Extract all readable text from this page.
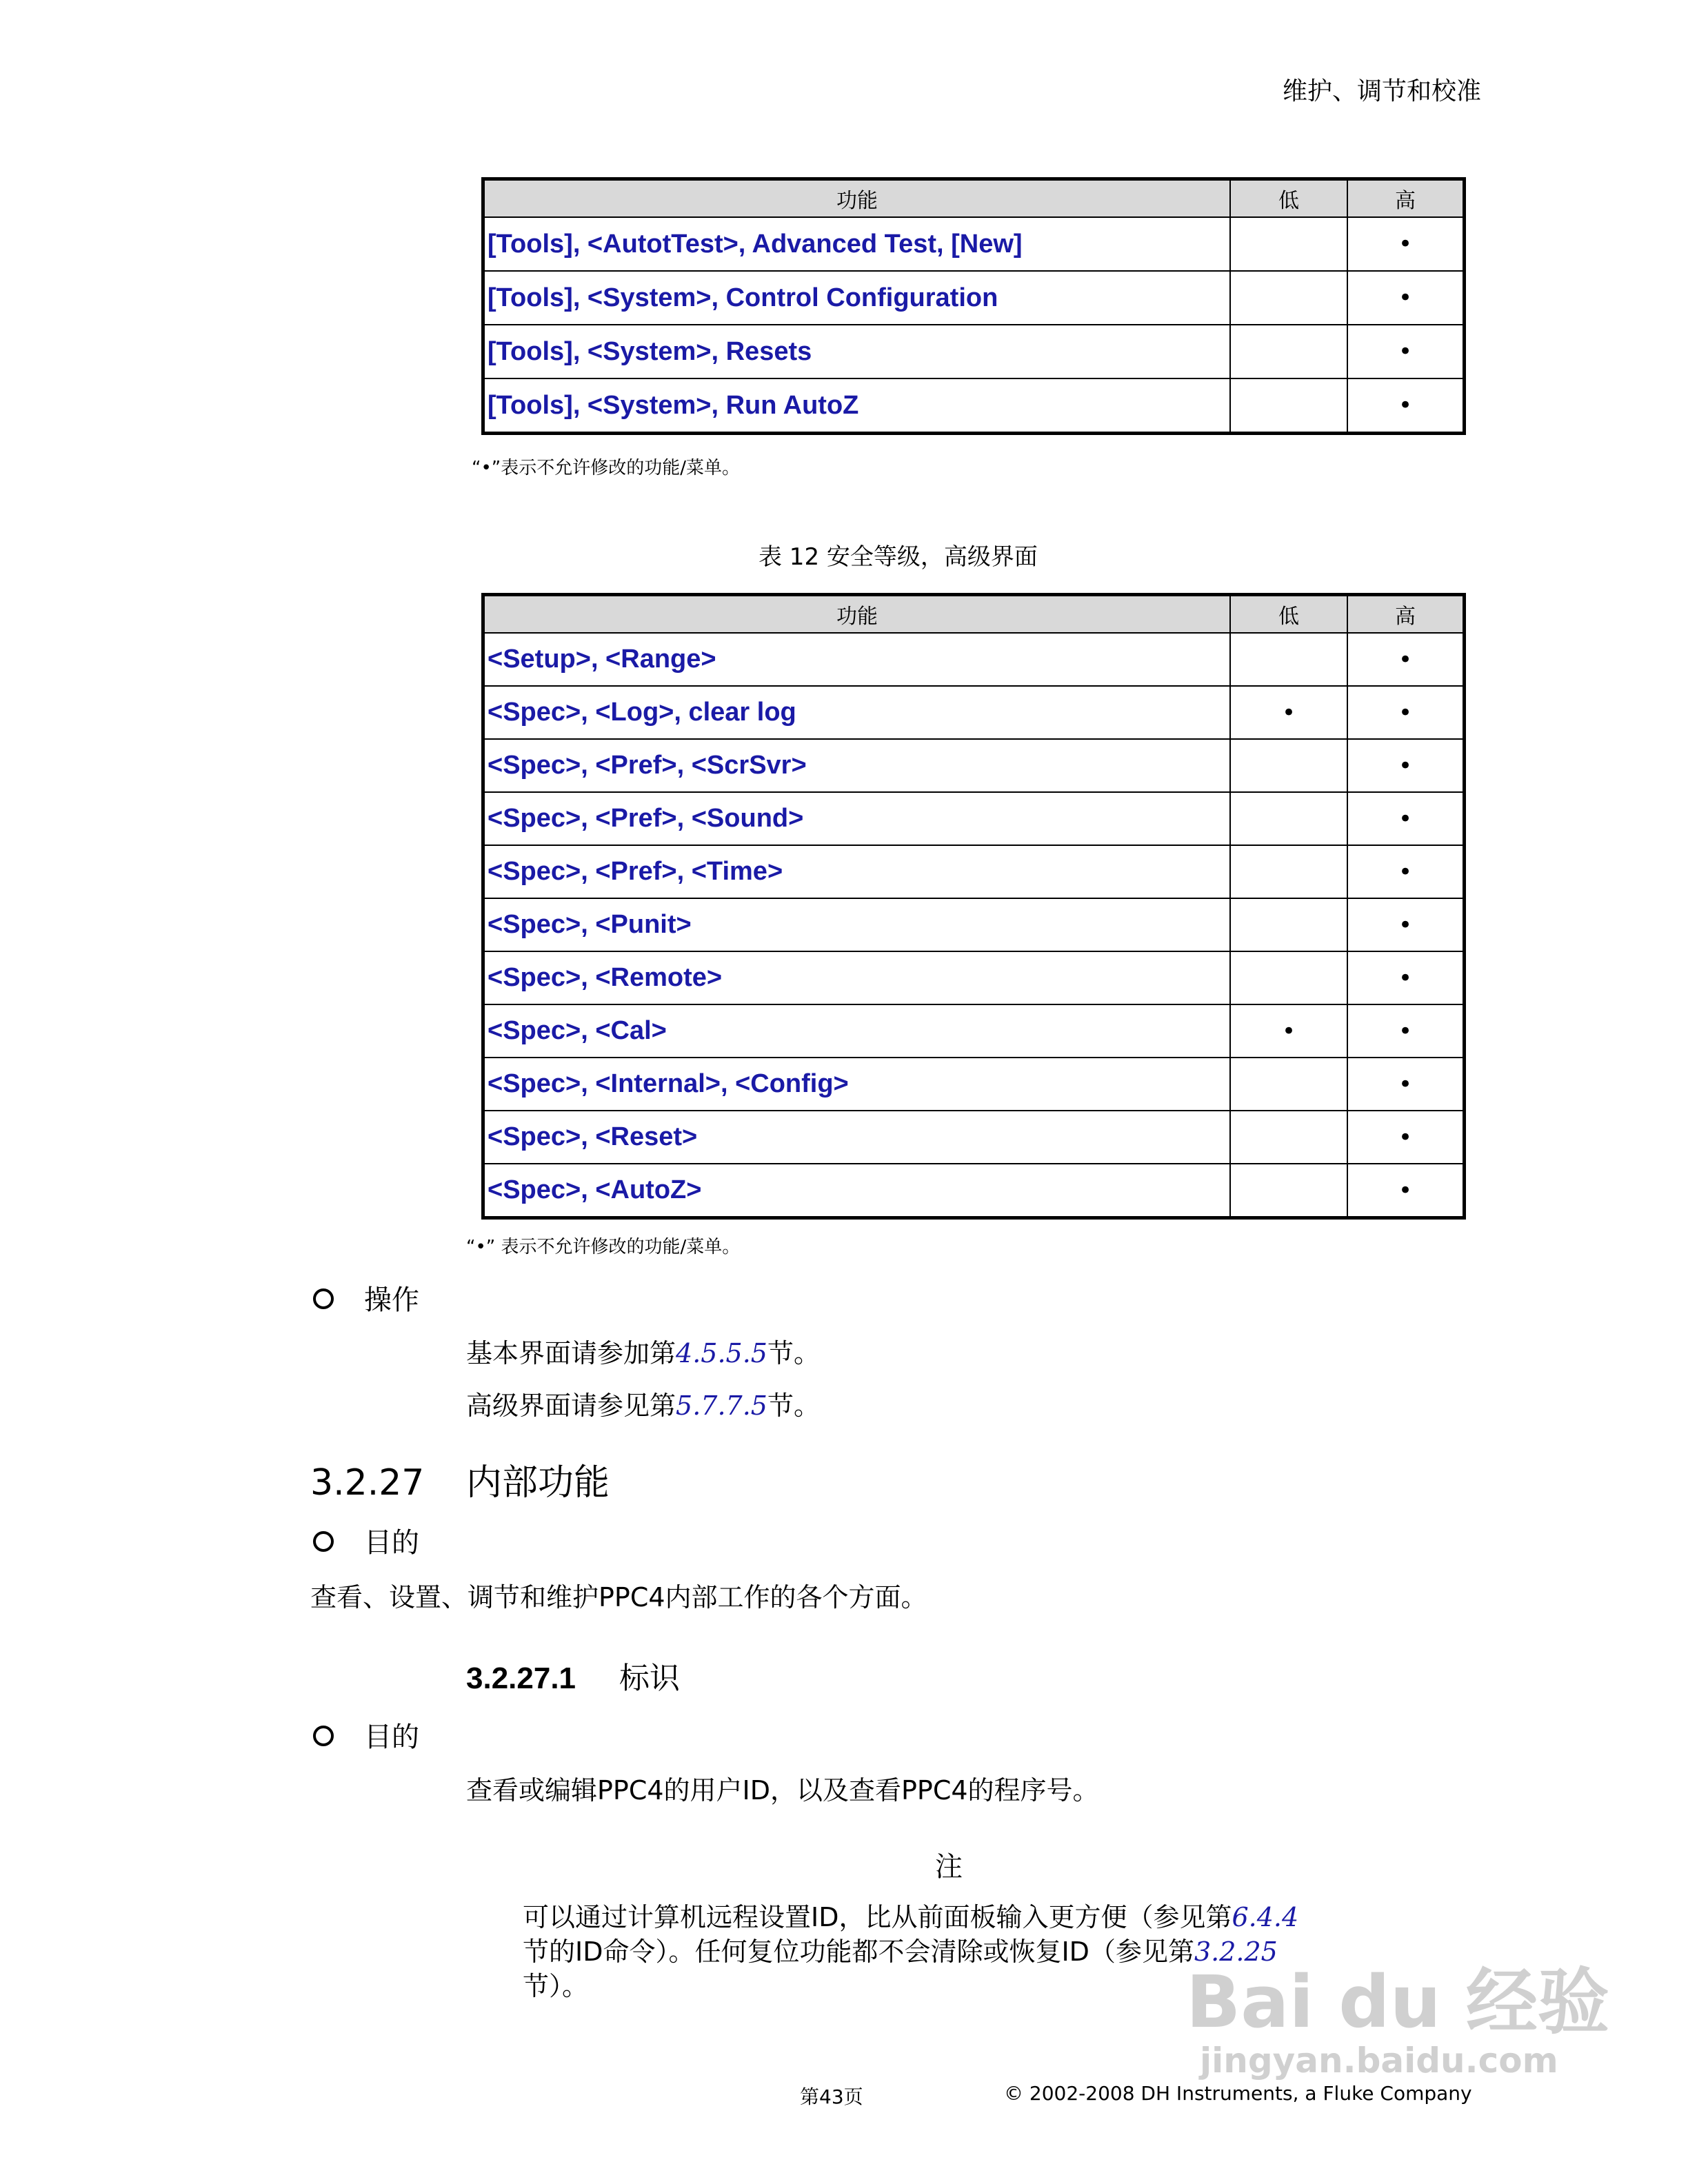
维护、调节和校准
功能	低	高
[Tools], <AutotTest>, Advanced Test, [New]		•
[Tools], <System>, Control Configuration		•
[Tools], <System>, Resets		•
[Tools], <System>, Run AutoZ		•
“•”表示不允许修改的功能/菜单。
表 12 安全等级，高级界面
功能	低	高
<Setup>, <Range>		•
<Spec>, <Log>, clear log	•	•
<Spec>, <Pref>, <ScrSvr>		•
<Spec>, <Pref>, <Sound>		•
<Spec>, <Pref>, <Time>		•
<Spec>, <Punit>		•
<Spec>, <Remote>		•
<Spec>, <Cal>	•	•
<Spec>, <Internal>, <Config>		•
<Spec>, <Reset>		•
<Spec>, <AutoZ>		•
“•” 表示不允许修改的功能/菜单。
操作
基本界面请参加第4.5.5.5节。
高级界面请参见第5.7.7.5节。
3.2.27 内部功能
目的
查看、设置、调节和维护PPC4内部工作的各个方面。
3.2.27.1 标识
目的
查看或编辑PPC4的用户ID，以及查看PPC4的程序号。
注
可以通过计算机远程设置ID，比从前面板输入更方便（参见第6.4.4
节的ID命令）。任何复位功能都不会清除或恢复ID（参见第3.2.25
节）。	Bai du 经验
jingyan.baidu.com
第43页	© 2002-2008 DH Instruments, a Fluke Company
